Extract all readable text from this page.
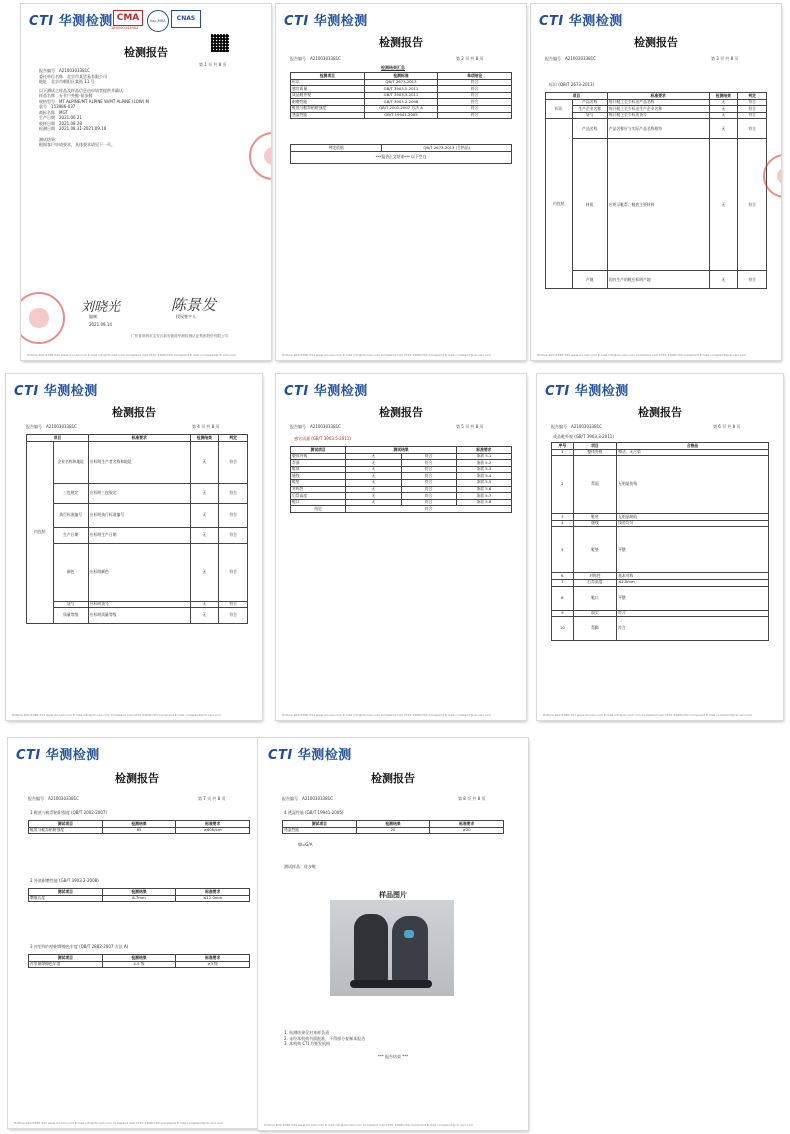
CTI 华测检测 CMA
180000343904
ilac-MRA	CNAS
检测报告
第 1 页 共 8 页
报告编号　 A2100303381C
委托单位名称　 北京市某贸易有限公司
地址　 北京市朝阳区某街 11 号
以下测试之样品及样品信息由申请者提供并确认：
样品名称　 专业户外鞋-徒步鞋
规格型号　 MT ALPINE/MT ALPINE W/MT ALPINE (LOW) M
款号　 153986-037
商标名称　 MGT
生产日期　 2021.06.21
收样日期　 2021.08.28
检测日期　 2021.08.31-2021.09.10
测试结果：
根据客户申请要求，具体要求请见下一页。
刘晓光	陈景发
编制：	授权签字人
2021.09.14
广东省深圳市宝安区新安街道华测检测认证集团股份有限公司
Hotline 400-6788-333 www.cti-cert.com E-mail info@cti-cert.com Complaint Call 0755-33681700 Complaint E-mail complaint@cti-cert.com
CTI 华测检测
检测报告
报告编号　A2100303381C	第 2 页 共 8 页
检测结果汇总
检测项目	检测标准	单项结论
标识	QB/T 2673-2013	符合
感官质量	GB/T 3903.5-2011	符合
成品鞋外观	GB/T 3903.3-2011	符合
耐磨性能	GB/T 3903.2-2008	符合
鞋底与鞋帮粘附强度	QB/T 2002-2007 方法 A	符合
透湿性能	GB/T 19941-2005	符合
判定依据	QB/T 2673-2013 (合格品)
***报告正文结束*** 以下空白
Hotline 400-6788-333 www.cti-cert.com E-mail info@cti-cert.com Complaint Call 0755-33681700 Complaint E-mail complaint@cti-cert.com
CTI 华测检测
检测报告
报告编号　A2100303381C	第 3 页 共 8 页
标识 (QB/T 2673-2013)
项目		标准要求	检测结果	判定
标识	产品名称	每只鞋上至少标出产品名称	无	符合
	生产企业名称	每只鞋上至少标出生产企业名称	无	符合
	货号	每只鞋上至少标出货号	无	符合
内包装	产品名称	产品名称应与实际产品名称相符	无	符合
	材质	应明示鞋帮、鞋底主要材料	无	符合
	产地	国内生产的鞋应标明产地	无	符合
Hotline 400-6788-333 www.cti-cert.com E-mail info@cti-cert.com Complaint Call 0755-33681700 Complaint E-mail complaint@cti-cert.com
CTI 华测检测
检测报告
报告编号　A2100303381C	第 4 页 共 8 页
项目		标准要求	检测结果	判定
内包装	企业名称和地址	应标明生产者名称和地址	无	符合
	三包规定	应标明三包规定	无	符合
	执行标准编号	应标明执行标准编号	无	符合
	生产日期	应标明生产日期	无	符合
	颜色	应标明颜色	无	符合
	货号	应标明货号	无	符合
	质量等级	应标明质量等级	无	符合
Hotline 400-6788-333 www.cti-cert.com E-mail info@cti-cert.com Complaint Call 0755-33681700 Complaint E-mail complaint@cti-cert.com
CTI 华测检测
检测报告
报告编号　A2100303381C	第 5 页 共 8 页
感官质量 (GB/T 3903.5-2011)
测试项目	测试结果		标准要求
整体外观	无	符合	条款 5.1
帮面	无	符合	条款 5.2
鞋底	无	符合	条款 5.3
缝线	无	符合	条款 5.4
鞋垫	无	符合	条款 5.5
对称性	无	符合	条款 5.6
后帮高度	无	符合	条款 5.7
鞋口	无	符合	条款 5.8
结论	符合		
Hotline 400-6788-333 www.cti-cert.com E-mail info@cti-cert.com Complaint Call 0755-33681700 Complaint E-mail complaint@cti-cert.com
CTI 华测检测
检测报告
报告编号　A2100303381C	第 6 页 共 8 页
成品鞋外观 (GB/T 3903.3-2011)
序号	项目	合格品
1	整体外观	整洁、无污染
2	帮面	无明显伤残
3	鞋底	无明显缺陷
4	缝线	线迹均匀
5	鞋垫	平整
6	对称性	基本对称
7	后帮高度	≤2.0mm
8	鞋口	平整
9	前尖	符合
10	帮脚	符合
Hotline 400-6788-333 www.cti-cert.com E-mail info@cti-cert.com Complaint Call 0755-33681700 Complaint E-mail complaint@cti-cert.com
CTI 华测检测
检测报告
报告编号　A2100303381C	第 7 页 共 8 页
1 鞋底与鞋帮粘附强度 (QB/T 2002-2007)
测试项目	检测结果	标准要求
鞋底与鞋帮粘附强度	85	≥60N/cm
2 外底耐磨性能 (GB/T 3903.2-2008)
测试项目	检测结果	标准要求
磨痕长度	8.7mm	≤12.0mm
3 衬里和内垫耐摩擦色牢度 (QB/T 2882-2007 方法 A)
测试项目	检测结果	标准要求
衬里耐摩擦色牢度	4-5 级	≥3 级
Hotline 400-6788-333 www.cti-cert.com E-mail info@cti-cert.com Complaint Call 0755-33681700 Complaint E-mail complaint@cti-cert.com
CTI 华测检测
检测报告
报告编号　A2100303381C	第 8 页 共 8 页
4 透湿性能 (GB/T 19941-2005)
测试项目	检测结果	标准要求
透湿性能	20	≥20
W=G/A
测试样品：徒步鞋
样品图片
1. 检测结果仅对来样负责
2. 未经本机构书面批准，不得部分复制本报告
3. 本机构 CTI 为签发机构
*** 报告结束 ***
Hotline 400-6788-333 www.cti-cert.com E-mail info@cti-cert.com Complaint Call 0755-33681700 Complaint E-mail complaint@cti-cert.com
